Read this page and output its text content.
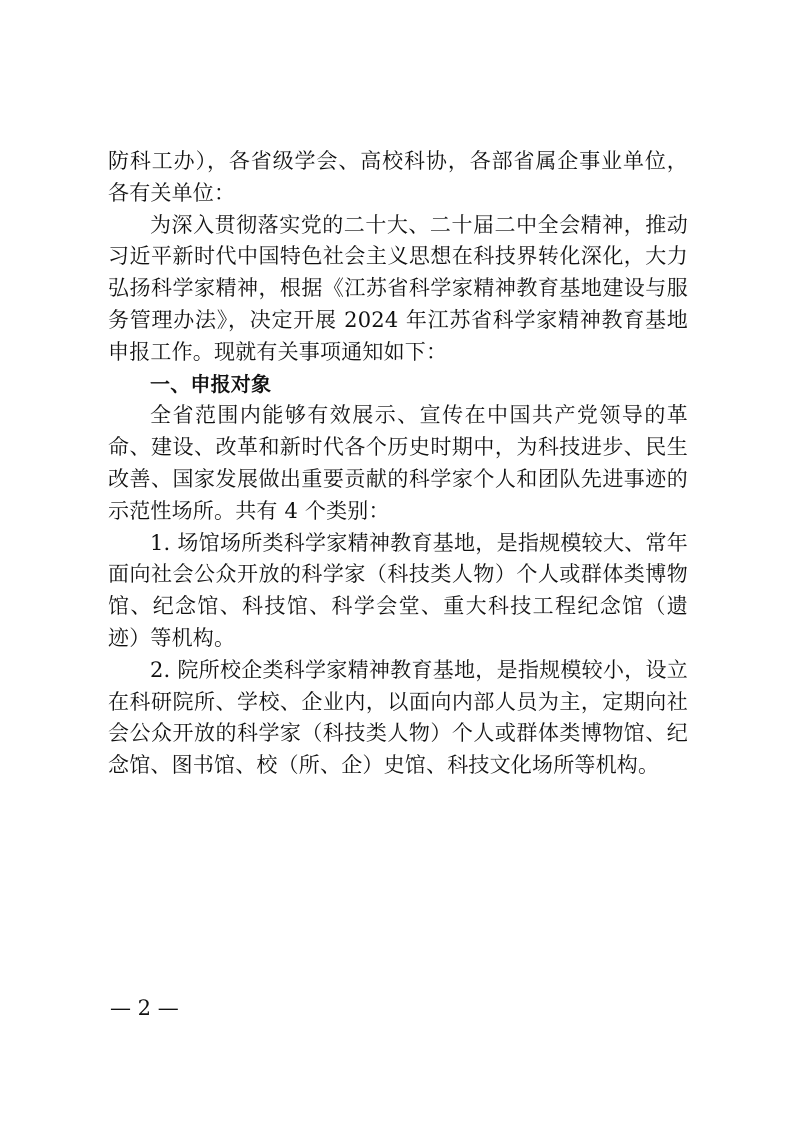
防科工办），各省级学会、高校科协，各部省属企事业单位，各有关单位：

为深入贯彻落实党的二十大、二十届二中全会精神，推动习近平新时代中国特色社会主义思想在科技界转化深化，大力弘扬科学家精神，根据《江苏省科学家精神教育基地建设与服务管理办法》，决定开展 2024 年江苏省科学家精神教育基地申报工作。现就有关事项通知如下：

一、申报对象

全省范围内能够有效展示、宣传在中国共产党领导的革命、建设、改革和新时代各个历史时期中，为科技进步、民生改善、国家发展做出重要贡献的科学家个人和团队先进事迹的示范性场所。共有 4 个类别：

1. 场馆场所类科学家精神教育基地，是指规模较大、常年面向社会公众开放的科学家（科技类人物）个人或群体类博物馆、纪念馆、科技馆、科学会堂、重大科技工程纪念馆（遗迹）等机构。

2. 院所校企类科学家精神教育基地，是指规模较小，设立在科研院所、学校、企业内，以面向内部人员为主，定期向社会公众开放的科学家（科技类人物）个人或群体类博物馆、纪念馆、图书馆、校（所、企）史馆、科技文化场所等机构。

— 2 —
